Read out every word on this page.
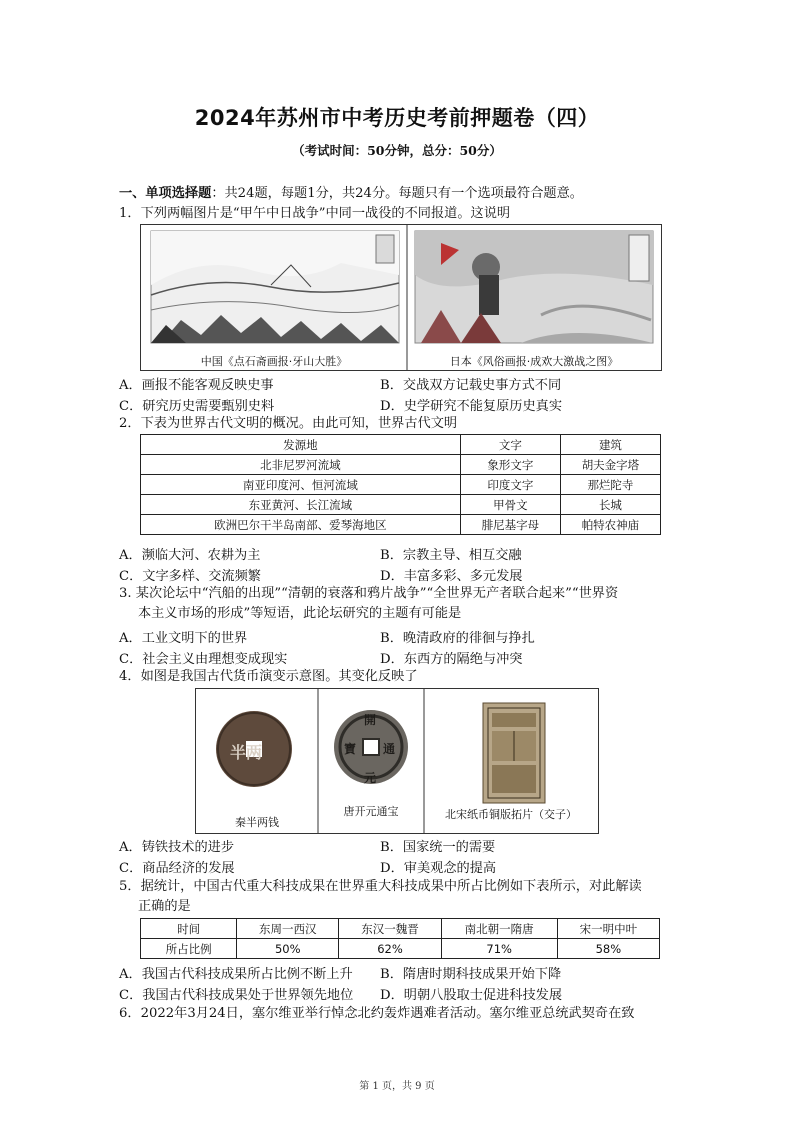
2024年苏州市中考历史考前押题卷（四）
（考试时间：50分钟，总分：50分）
一、单项选择题：共24题，每题1分，共24分。每题只有一个选项最符合题意。
1．下列两幅图片是“甲午中日战争”中同一战役的不同报道。这说明
中国《点石斋画报·牙山大胜》	日本《风俗画报·成欢大激战之图》
A．画报不能客观反映史事	B．交战双方记载史事方式不同
C．研究历史需要甄别史料	D．史学研究不能复原历史真实
2．下表为世界古代文明的概况。由此可知，世界古代文明
发源地	文字	建筑
北非尼罗河流域	象形文字	胡夫金字塔
南亚印度河、恒河流域	印度文字	那烂陀寺
东亚黄河、长江流域	甲骨文	长城
欧洲巴尔干半岛南部、爱琴海地区	腓尼基字母	帕特农神庙
A．濒临大河、农耕为主	B．宗教主导、相互交融
C．文字多样、交流频繁	D．丰富多彩、多元发展
3. 某次论坛中“汽船的出现”“清朝的衰落和鸦片战争”“全世界无产者联合起来”“世界资
本主义市场的形成”等短语，此论坛研究的主题有可能是
A．工业文明下的世界	B．晚清政府的徘徊与挣扎
C．社会主义由理想变成现实	D．东西方的隔绝与冲突
4．如图是我国古代货币演变示意图。其变化反映了
半两
開
元
通
寶
秦半两钱
唐开元通宝	北宋纸币铜版拓片（交子）
A．铸铁技术的进步	B．国家统一的需要
C．商品经济的发展	D．审美观念的提高
5．据统计，中国古代重大科技成果在世界重大科技成果中所占比例如下表所示，对此解读
正确的是
时间	东周一西汉	东汉一魏晋	南北朝一隋唐	宋一明中叶
所占比例	50%	62%	71%	58%
A．我国古代科技成果所占比例不断上升 B．隋唐时期科技成果开始下降
C．我国古代科技成果处于世界领先地位 D．明朝八股取士促进科技发展
6．2022年3月24日，塞尔维亚举行悼念北约轰炸遇难者活动。塞尔维亚总统武契奇在致
第 1 页，共 9 页
